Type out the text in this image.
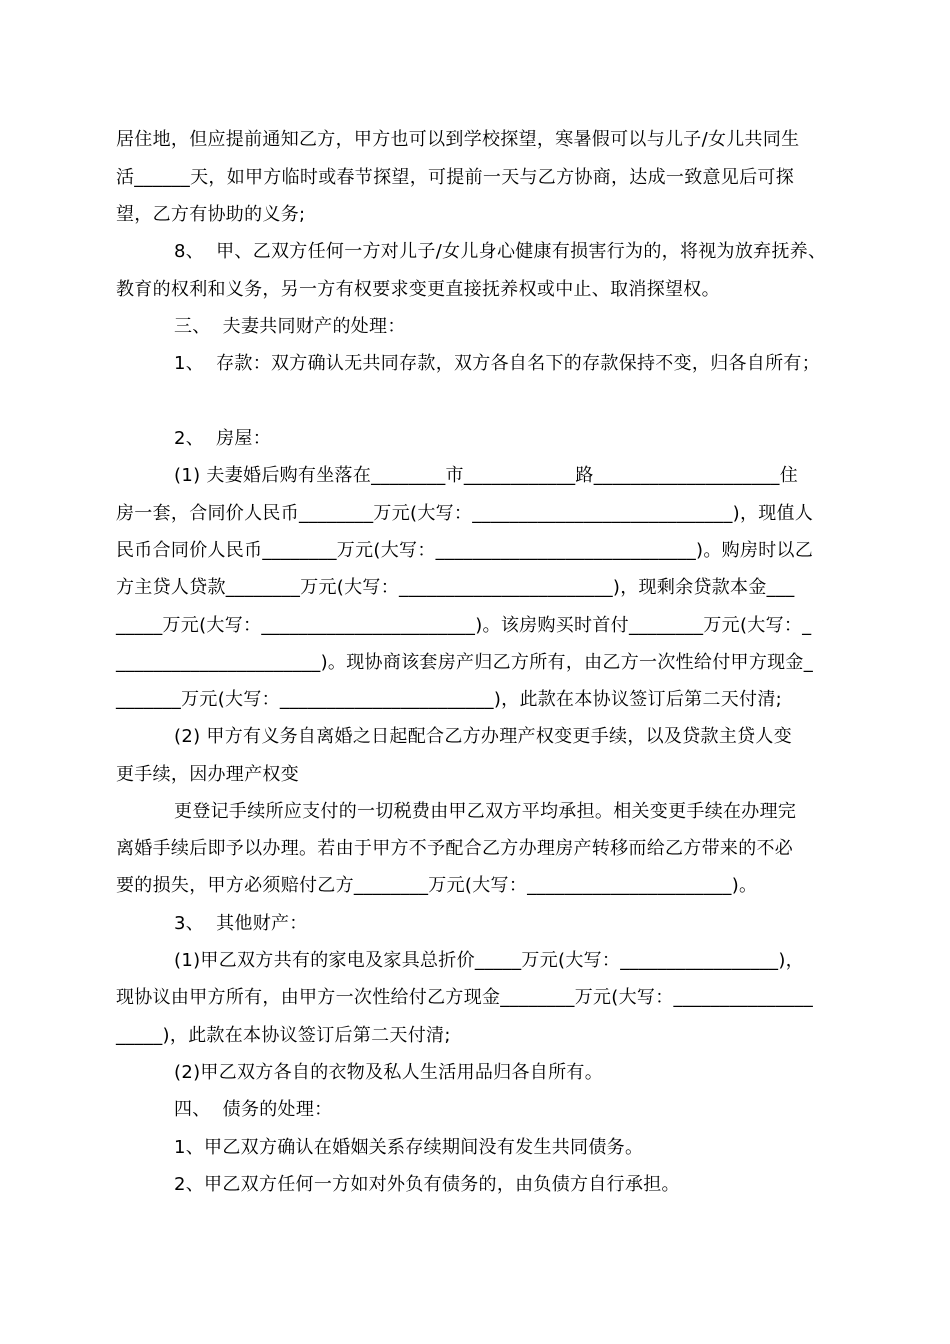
居住地，但应提前通知乙方，甲方也可以到学校探望，寒暑假可以与儿子/女儿共同生
活______天，如甲方临时或春节探望，可提前一天与乙方协商，达成一致意见后可探
望，乙方有协助的义务;
8、  甲、乙双方任何一方对儿子/女儿身心健康有损害行为的，将视为放弃抚养、
教育的权利和义务，另一方有权要求变更直接抚养权或中止、取消探望权。
三、  夫妻共同财产的处理：
1、  存款：双方确认无共同存款，双方各自名下的存款保持不变，归各自所有；
2、  房屋：
(1) 夫妻婚后购有坐落在________市____________路____________________住
房一套，合同价人民币________万元(大写：____________________________)，现值人
民币合同价人民币________万元(大写：____________________________)。购房时以乙
方主贷人贷款________万元(大写：_______________________)，现剩余贷款本金___
_____万元(大写：_______________________)。该房购买时首付________万元(大写：_
______________________)。现协商该套房产归乙方所有，由乙方一次性给付甲方现金_
_______万元(大写：_______________________)，此款在本协议签订后第二天付清;
(2) 甲方有义务自离婚之日起配合乙方办理产权变更手续，以及贷款主贷人变
更手续，因办理产权变
更登记手续所应支付的一切税费由甲乙双方平均承担。相关变更手续在办理完
离婚手续后即予以办理。若由于甲方不予配合乙方办理房产转移而给乙方带来的不必
要的损失，甲方必须赔付乙方________万元(大写：______________________)。
3、  其他财产：
(1)甲乙双方共有的家电及家具总折价_____万元(大写：_________________)，
现协议由甲方所有，由甲方一次性给付乙方现金________万元(大写：_______________
_____)，此款在本协议签订后第二天付清;
(2)甲乙双方各自的衣物及私人生活用品归各自所有。
四、  债务的处理：
1、甲乙双方确认在婚姻关系存续期间没有发生共同债务。
2、甲乙双方任何一方如对外负有债务的，由负债方自行承担。
